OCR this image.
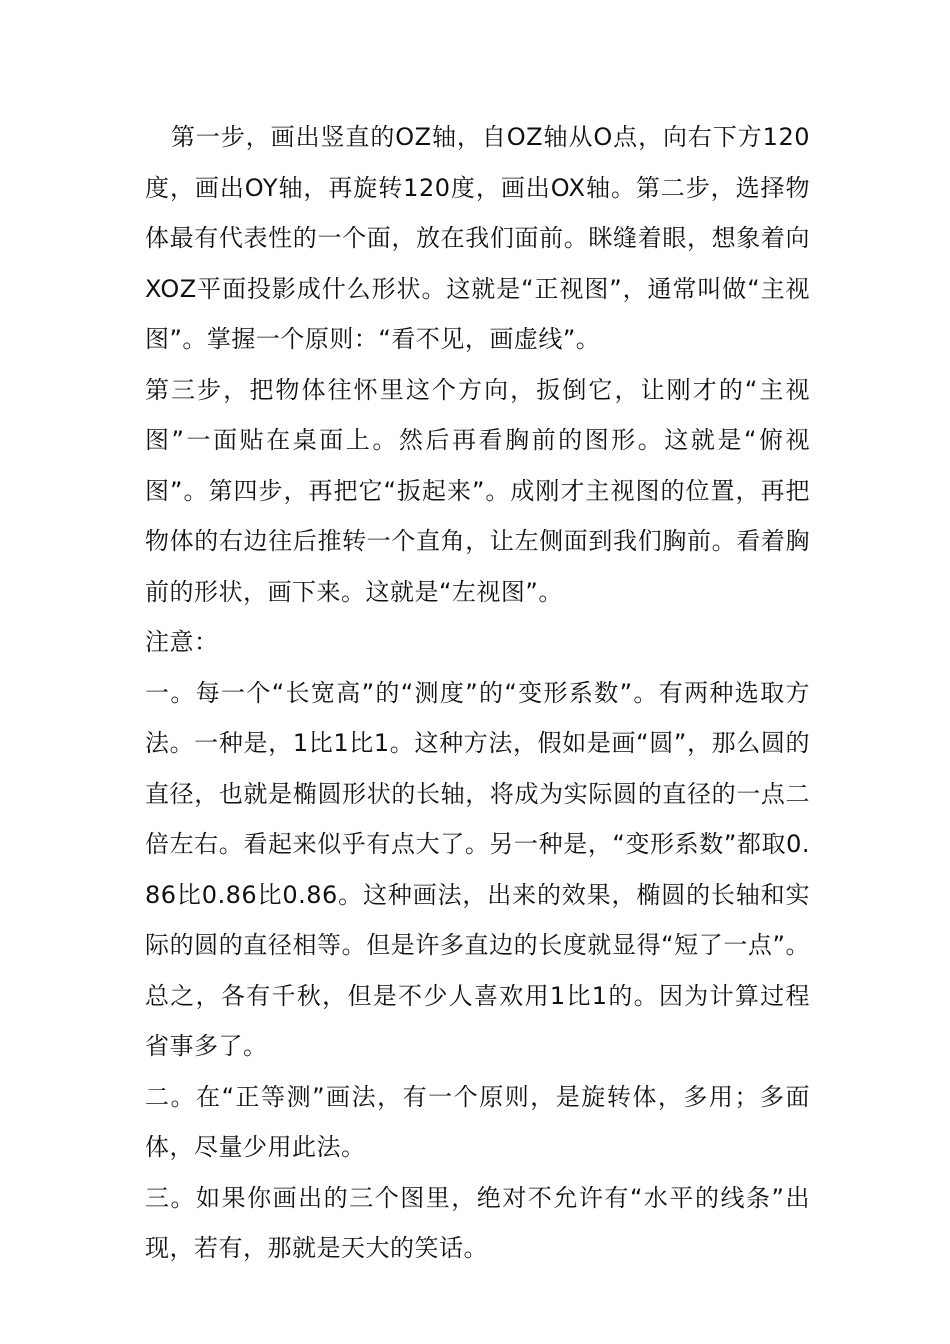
第一步，画出竖直的OZ轴，自OZ轴从O点，向右下方120度，画出OY轴，再旋转120度，画出OX轴。第二步，选择物体最有代表性的一个面，放在我们面前。眯缝着眼，想象着向XOZ平面投影成什么形状。这就是“正视图”，通常叫做“主视图”。掌握一个原则：“看不见，画虚线”。

第三步，把物体往怀里这个方向，扳倒它，让刚才的“主视图”一面贴在桌面上。然后再看胸前的图形。这就是“俯视图”。第四步，再把它“扳起来”。成刚才主视图的位置，再把物体的右边往后推转一个直角，让左侧面到我们胸前。看着胸前的形状，画下来。这就是“左视图”。

注意：

一。每一个“长宽高”的“测度”的“变形系数”。有两种选取方法。一种是，1比1比1。这种方法，假如是画“圆”，那么圆的直径，也就是椭圆形状的长轴，将成为实际圆的直径的一点二倍左右。看起来似乎有点大了。另一种是，“变形系数”都取0.86比0.86比0.86。这种画法，出来的效果，椭圆的长轴和实际的圆的直径相等。但是许多直边的长度就显得“短了一点”。总之，各有千秋，但是不少人喜欢用1比1的。因为计算过程省事多了。

二。在“正等测”画法，有一个原则，是旋转体，多用；多面体，尽量少用此法。

三。如果你画出的三个图里，绝对不允许有“水平的线条”出现，若有，那就是天大的笑话。
